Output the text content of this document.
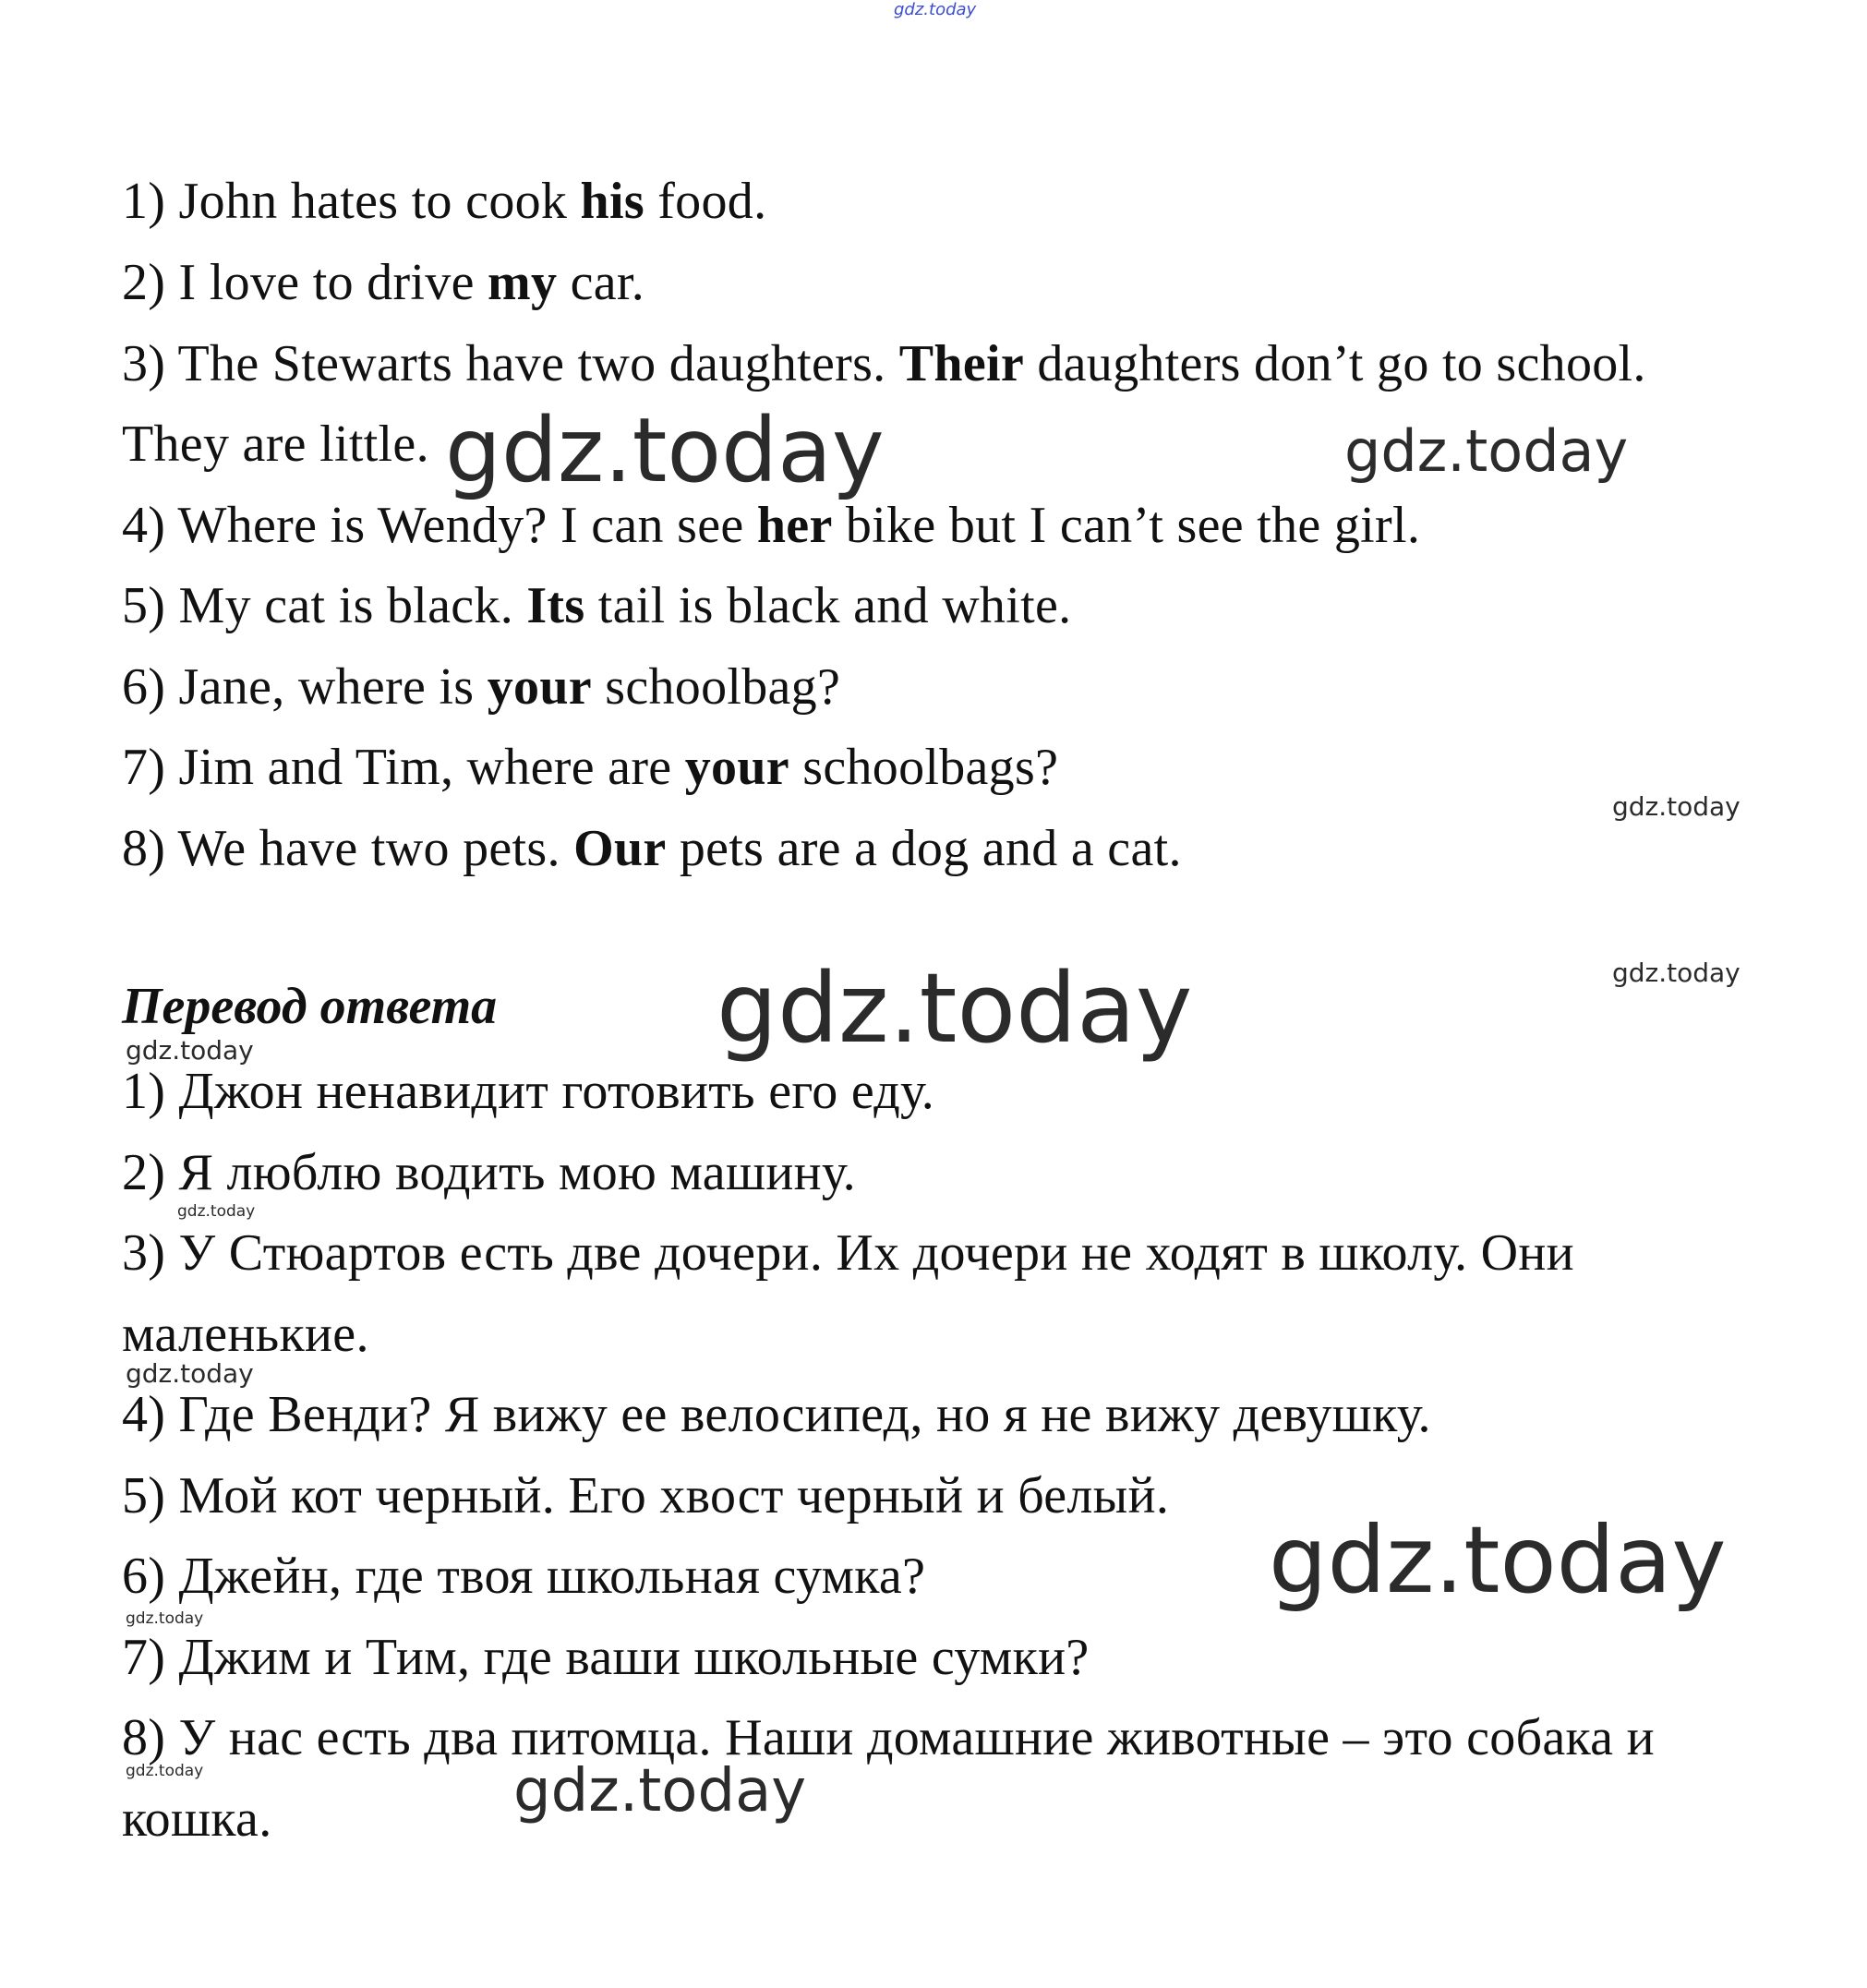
gdz.today
1) John hates to cook his food.
2) I love to drive my car.
3) The Stewarts have two daughters. Their daughters don’t go to school.
They are little.
4) Where is Wendy? I can see her bike but I can’t see the girl.
5) My cat is black. Its tail is black and white.
6) Jane, where is your schoolbag?
7) Jim and Tim, where are your schoolbags?
8) We have two pets. Our pets are a dog and a cat.
Перевод ответа
1) Джон ненавидит готовить его еду.
2) Я люблю водить мою машину.
3) У Стюартов есть две дочери. Их дочери не ходят в школу. Они
маленькие.
4) Где Венди? Я вижу ее велосипед, но я не вижу девушку.
5) Мой кот черный. Его хвост черный и белый.
6) Джейн, где твоя школьная сумка?
7) Джим и Тим, где ваши школьные сумки?
8) У нас есть два питомца. Наши домашние животные – это собака и
кошка.
gdz.today	gdz.today
gdz.today
gdz.today
gdz.today
gdz.today
gdz.today
gdz.today
gdz.today
gdz.today
gdz.today	gdz.today
